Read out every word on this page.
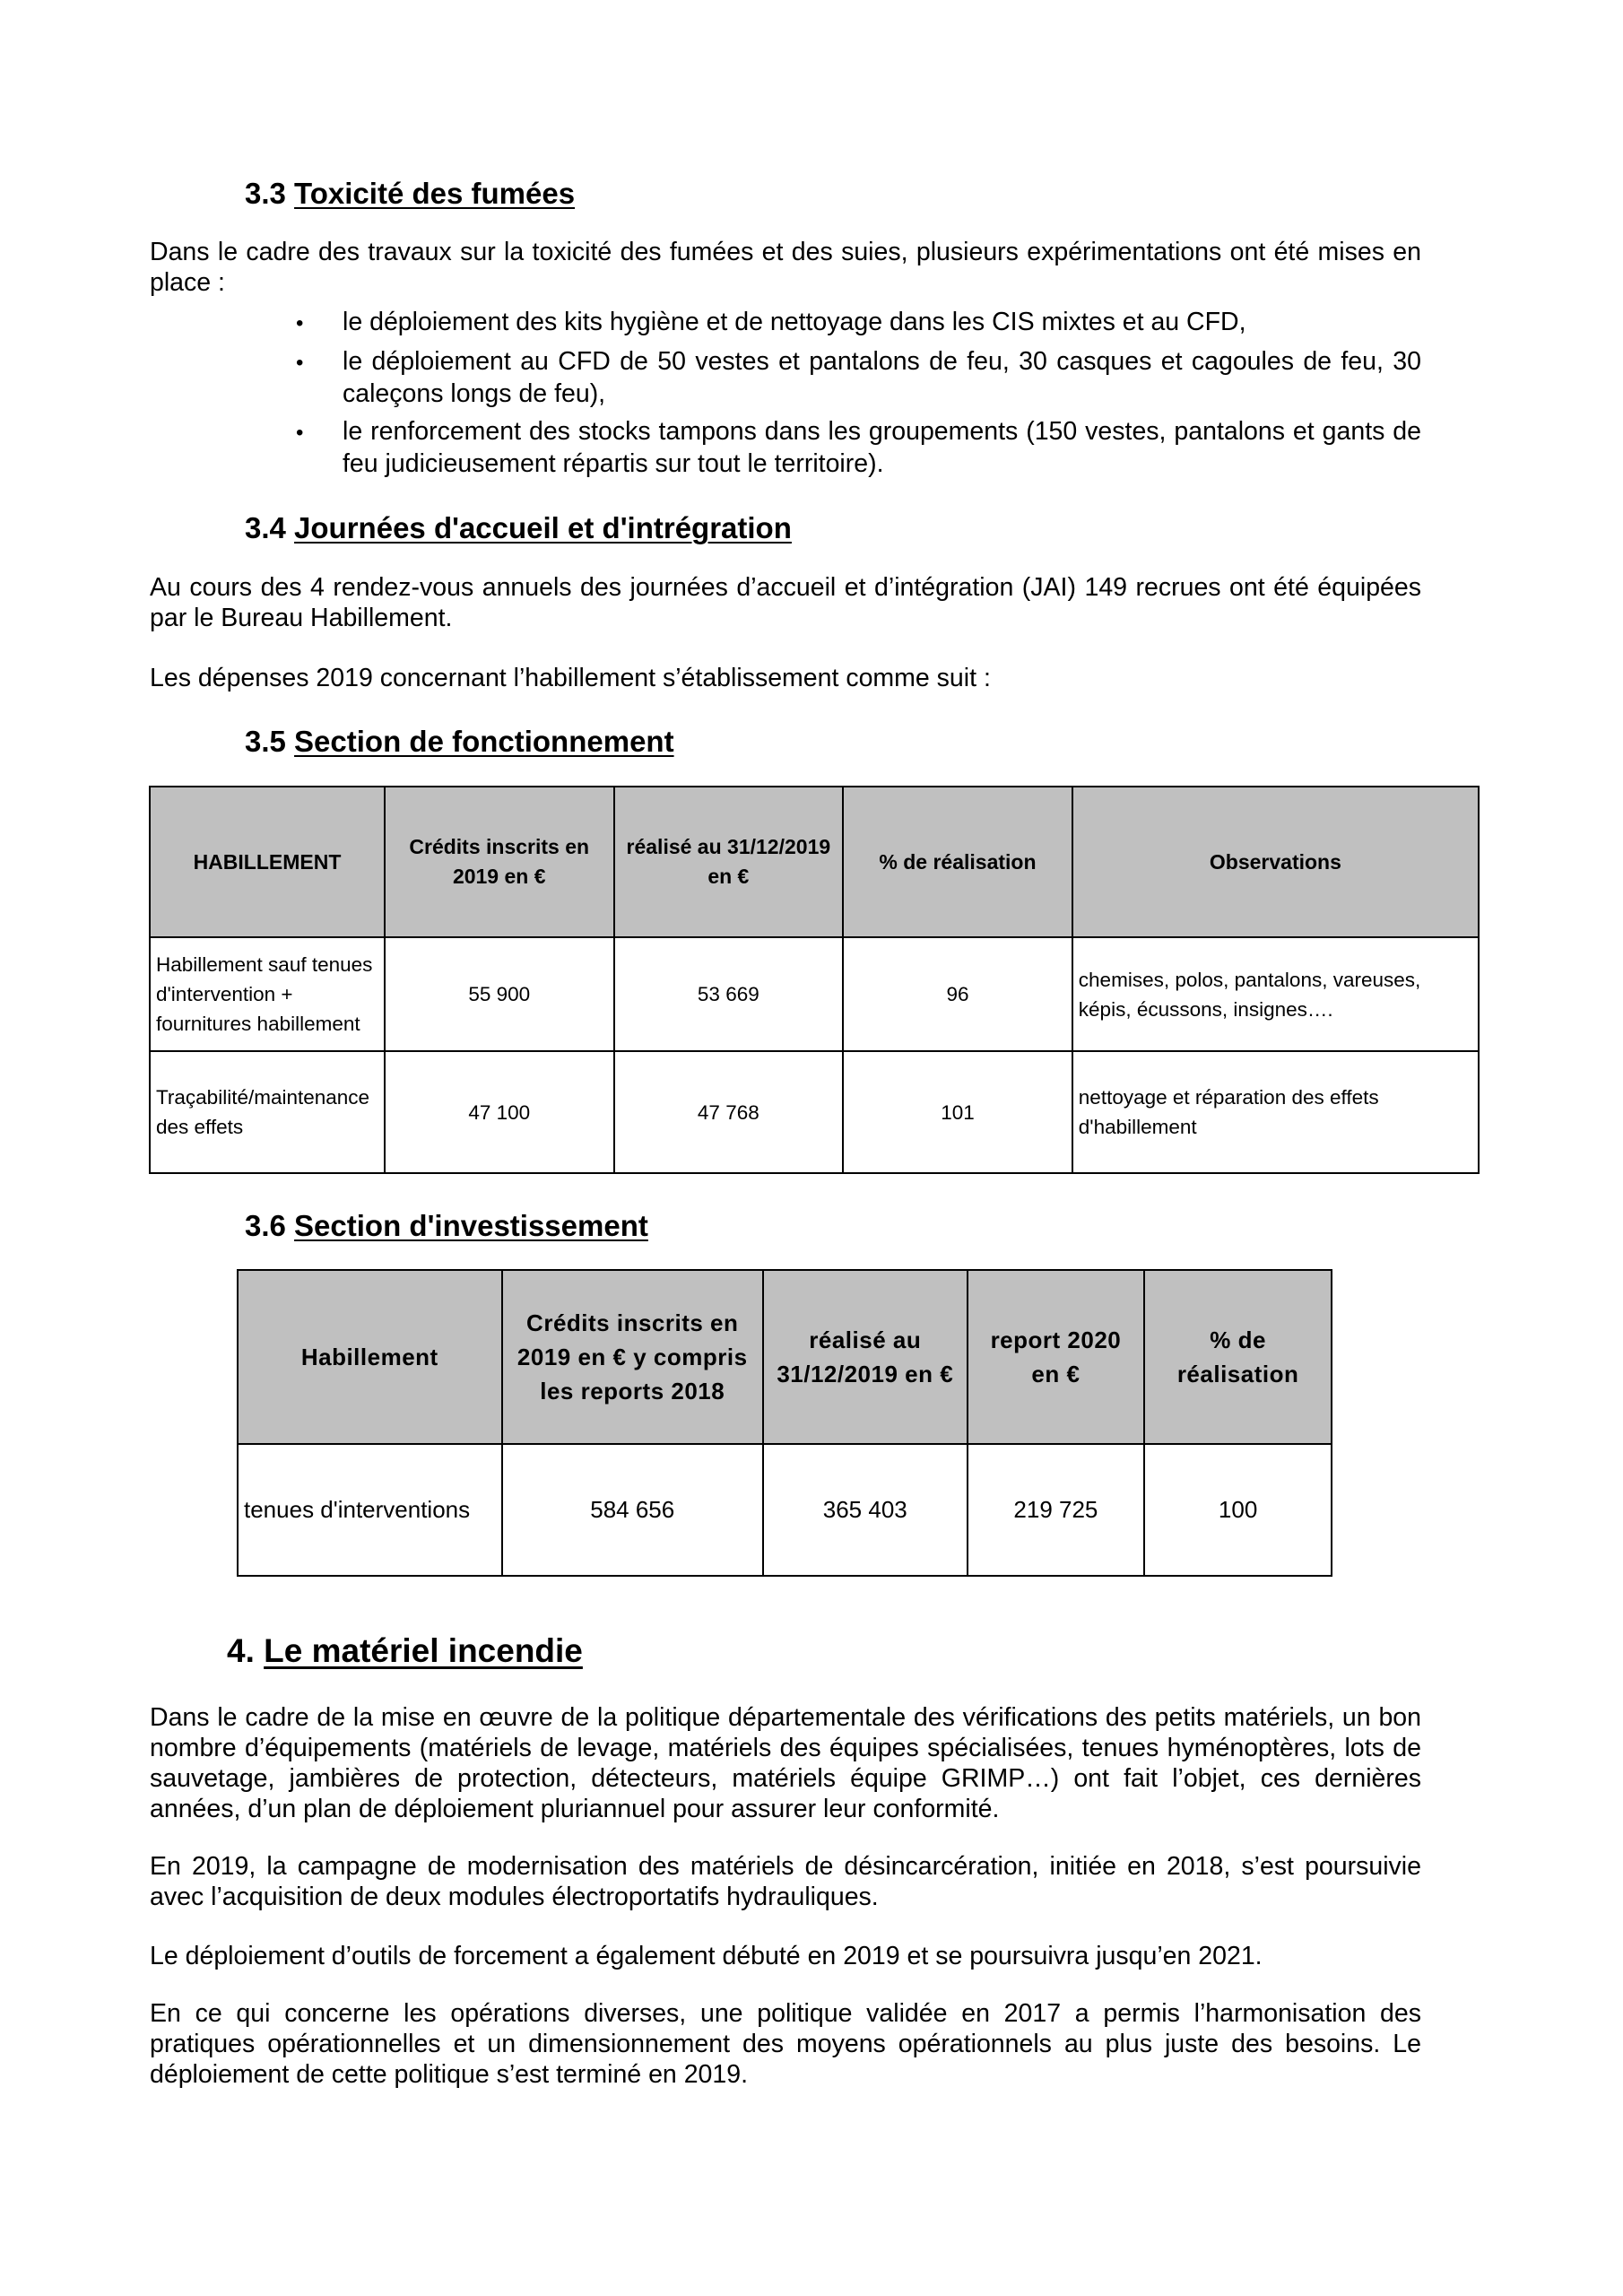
3.3 Toxicité des fumées

Dans le cadre des travaux sur la toxicité des fumées et des suies, plusieurs expérimentations ont été mises en place :

•le déploiement des kits hygiène et de nettoyage dans les CIS mixtes et au CFD,
•le déploiement au CFD de 50 vestes et pantalons de feu, 30 casques et cagoules de feu, 30 caleçons longs de feu),
•le renforcement des stocks tampons dans les groupements (150 vestes, pantalons et gants de feu judicieusement répartis sur tout le territoire).
3.4 Journées d'accueil et d'intrégration

Au cours des 4 rendez-vous annuels des journées d’accueil et d’intégration (JAI) 149 recrues ont été équipées par le Bureau Habillement.

Les dépenses 2019 concernant l’habillement s’établissement comme suit :

3.5 Section de fonctionnement
HABILLEMENT	Crédits inscrits en 2019 en €	réalisé au 31/12/2019 en €	% de réalisation	Observations
Habillement sauf tenues d'intervention + fournitures habillement	55 900	53 669	96	chemises, polos, pantalons, vareuses, képis, écussons, insignes….
Traçabilité/maintenance des effets	47 100	47 768	101	nettoyage et réparation des effets d'habillement
3.6 Section d'investissement
Habillement	Crédits inscrits en 2019 en € y compris les reports 2018	réalisé au 31/12/2019 en €	report 2020 en €	% de réalisation
tenues d'interventions	584 656	365 403	219 725	100
4. Le matériel incendie

Dans le cadre de la mise en œuvre de la politique départementale des vérifications des petits matériels, un bon nombre d’équipements (matériels de levage, matériels des équipes spécialisées, tenues hyménoptères, lots de sauvetage, jambières de protection, détecteurs, matériels équipe GRIMP…) ont fait l’objet, ces dernières années, d’un plan de déploiement pluriannuel pour assurer leur conformité.

En 2019, la campagne de modernisation des matériels de désincarcération, initiée en 2018, s’est poursuivie avec l’acquisition de deux modules électroportatifs hydrauliques.

Le déploiement d’outils de forcement a également débuté en 2019 et se poursuivra jusqu’en 2021.

En ce qui concerne les opérations diverses, une politique validée en 2017 a permis l’harmonisation des pratiques opérationnelles et un dimensionnement des moyens opérationnels au plus juste des besoins. Le déploiement de cette politique s’est terminé en 2019.
